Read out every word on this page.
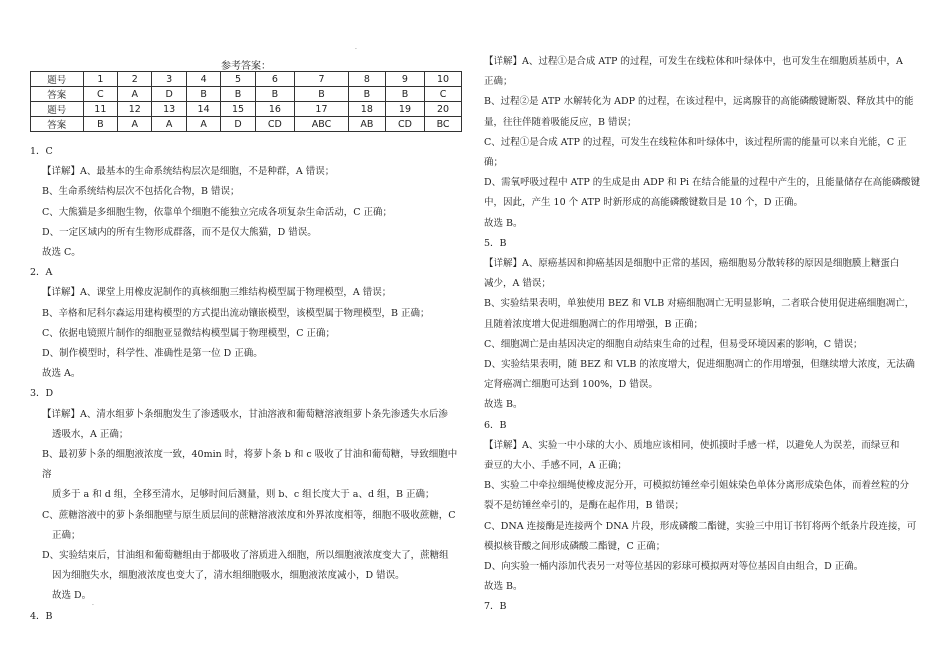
.
.
参考答案：
题号	1	2	3	4	5	6	7	8	9	10
答案	C	A	D	B	B	B	B	B	B	C
题号	11	12	13	14	15	16	17	18	19	20
答案	B	A	A	A	D	CD	ABC	AB	CD	BC

1．C

【详解】A、最基本的生命系统结构层次是细胞，不是种群，A 错误；

B、生命系统结构层次不包括化合物，B 错误；

C、大熊猫是多细胞生物，依靠单个细胞不能独立完成各项复杂生命活动，C 正确；

D、一定区域内的所有生物形成群落，而不是仅大熊猫，D 错误。

故选 C。

2．A

【详解】A、课堂上用橡皮泥制作的真核细胞三维结构模型属于物理模型，A 错误；

B、辛格和尼科尔森运用建构模型的方式提出流动镶嵌模型，该模型属于物理模型，B 正确；

C、依据电镜照片制作的细胞亚显微结构模型属于物理模型，C 正确；

D、制作模型时，科学性、准确性是第一位 D 正确。

故选 A。

3．D

【详解】A、清水组萝卜条细胞发生了渗透吸水，甘油溶液和葡萄糖溶液组萝卜条先渗透失水后渗

透吸水，A 正确；

B、最初萝卜条的细胞液浓度一致，40min 时，将萝卜条 b 和 c 吸收了甘油和葡萄糖，导致细胞中溶

质多于 a 和 d 组，全移至清水，足够时间后测量，则 b、c 组长度大于 a、d 组，B 正确；

C、蔗糖溶液中的萝卜条细胞壁与原生质层间的蔗糖溶液浓度和外界浓度相等，细胞不吸收蔗糖，C

正确；

D、实验结束后，甘油组和葡萄糖组由于都吸收了溶质进入细胞，所以细胞液浓度变大了，蔗糖组

因为细胞失水，细胞液浓度也变大了，清水组细胞吸水，细胞液浓度减小，D 错误。

故选 D。

4．B

【详解】A、过程①是合成 ATP 的过程，可发生在线粒体和叶绿体中，也可发生在细胞质基质中，A

正确；

B、过程②是 ATP 水解转化为 ADP 的过程，在该过程中，远离腺苷的高能磷酸键断裂、释放其中的能

量，往往伴随着吸能反应，B 错误；

C、过程①是合成 ATP 的过程，可发生在线粒体和叶绿体中，该过程所需的能量可以来自光能，C 正确；

D、需氧呼吸过程中 ATP 的生成是由 ADP 和 Pi 在结合能量的过程中产生的，且能量储存在高能磷酸键

中，因此，产生 10 个 ATP 时新形成的高能磷酸键数目是 10 个，D 正确。

故选 B。

5．B

【详解】A、原癌基因和抑癌基因是细胞中正常的基因，癌细胞易分散转移的原因是细胞膜上糖蛋白

减少，A 错误；

B、实验结果表明，单独使用 BEZ 和 VLB 对癌细胞凋亡无明显影响，二者联合使用促进癌细胞凋亡，

且随着浓度增大促进细胞凋亡的作用增强，B 正确；

C、细胞凋亡是由基因决定的细胞自动结束生命的过程，但易受环境因素的影响，C 错误；

D、实验结果表明，随 BEZ 和 VLB 的浓度增大，促进细胞凋亡的作用增强，但继续增大浓度，无法确

定肾癌凋亡细胞可达到 100%，D 错误。

故选 B。

6．B

【详解】A、实验一中小球的大小、质地应该相同，使抓摸时手感一样，以避免人为误差，而绿豆和

蚕豆的大小、手感不同，A 正确；

B、实验二中牵拉细绳使橡皮泥分开，可模拟纺锤丝牵引姐妹染色单体分离形成染色体，而着丝粒的分

裂不是纺锤丝牵引的，是酶在起作用，B 错误；

C、DNA 连接酶是连接两个 DNA 片段，形成磷酸二酯键，实验三中用订书钉将两个纸条片段连接，可

模拟核苷酸之间形成磷酸二酯键，C 正确；

D、向实验一桶内添加代表另一对等位基因的彩球可模拟两对等位基因自由组合，D 正确。

故选 B。

7．B
